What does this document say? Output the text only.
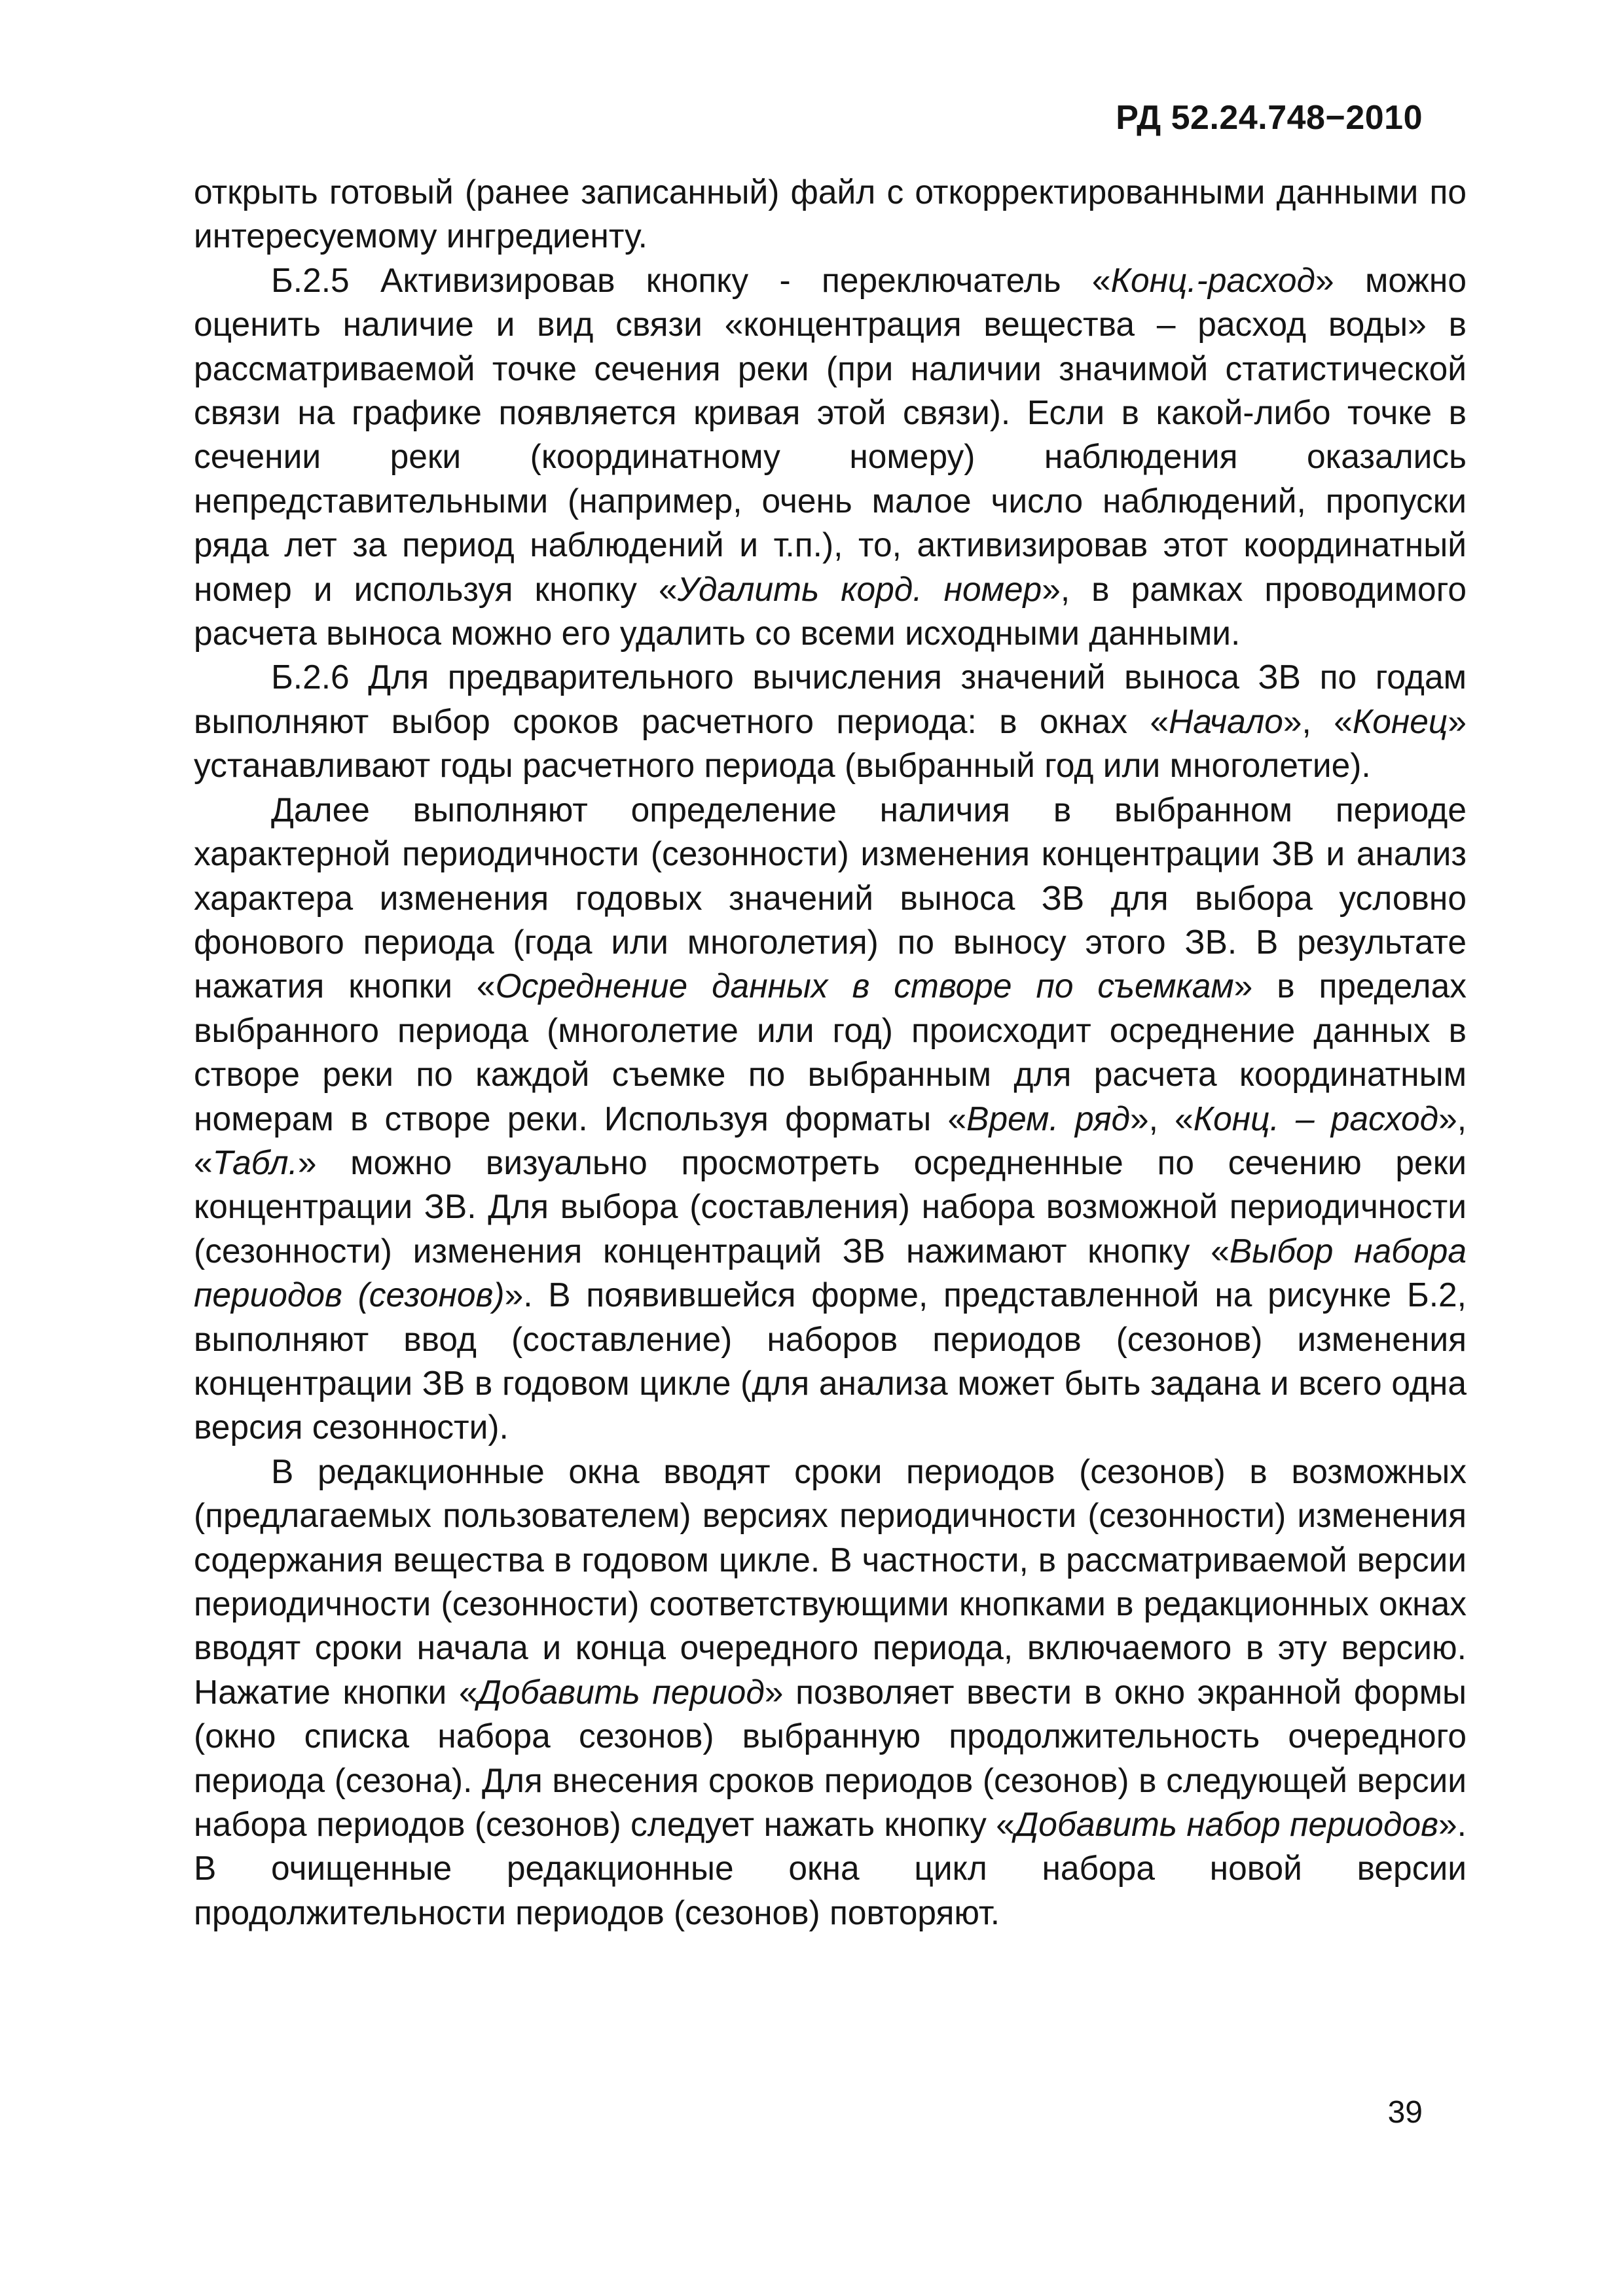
РД 52.24.748−2010

открыть готовый (ранее записанный) файл с откорректированными данными по интересуемому ингредиенту.

Б.2.5 Активизировав кнопку - переключатель «Конц.-расход» можно оценить наличие и вид связи «концентрация вещества – расход воды» в рассматриваемой точке сечения реки (при наличии значимой статистической связи на графике появляется кривая этой связи). Если в какой-либо точке в сечении реки (координатному номеру) наблюдения оказались непредставительными (например, очень малое число наблюдений, пропуски ряда лет за период наблюдений и т.п.), то, активизировав этот координатный номер и используя кнопку «Удалить корд. номер», в рамках проводимого расчета выноса можно его удалить со всеми исходными данными.

Б.2.6 Для предварительного вычисления значений выноса ЗВ по годам выполняют выбор сроков расчетного периода: в окнах «Начало», «Конец» устанавливают годы расчетного периода (выбранный год или многолетие).

Далее выполняют определение наличия в выбранном периоде характерной периодичности (сезонности) изменения концентрации ЗВ и анализ характера изменения годовых значений выноса ЗВ для выбора условно фонового периода (года или многолетия) по выносу этого ЗВ. В результате нажатия кнопки «Осреднение данных в створе по съемкам» в пределах выбранного периода (многолетие или год) происходит осреднение данных в створе реки по каждой съемке по выбранным для расчета координатным номерам в створе реки. Используя форматы «Врем. ряд», «Конц. – расход», «Табл.» можно визуально просмотреть осредненные по сечению реки концентрации ЗВ. Для выбора (составления) набора возможной периодичности (сезонности) изменения концентраций ЗВ нажимают кнопку «Выбор набора периодов (сезонов)». В появившейся форме, представленной на рисунке Б.2, выполняют ввод (составление) наборов периодов (сезонов) изменения концентрации ЗВ в годовом цикле (для анализа может быть задана и всего одна версия сезонности).

В редакционные окна вводят сроки периодов (сезонов) в возможных (предлагаемых пользователем) версиях периодичности (сезонности) изменения содержания вещества в годовом цикле. В частности, в рассматриваемой версии периодичности (сезонности) соответствующими кнопками в редакционных окнах вводят сроки начала и конца очередного периода, включаемого в эту версию. Нажатие кнопки «Добавить период» позволяет ввести в окно экранной формы (окно списка набора сезонов) выбранную продолжительность очередного периода (сезона). Для внесения сроков периодов (сезонов) в следующей версии набора периодов (сезонов) следует нажать кнопку «Добавить набор периодов». В очищенные редакционные окна цикл набора новой версии продолжительности периодов (сезонов) повторяют.

39
